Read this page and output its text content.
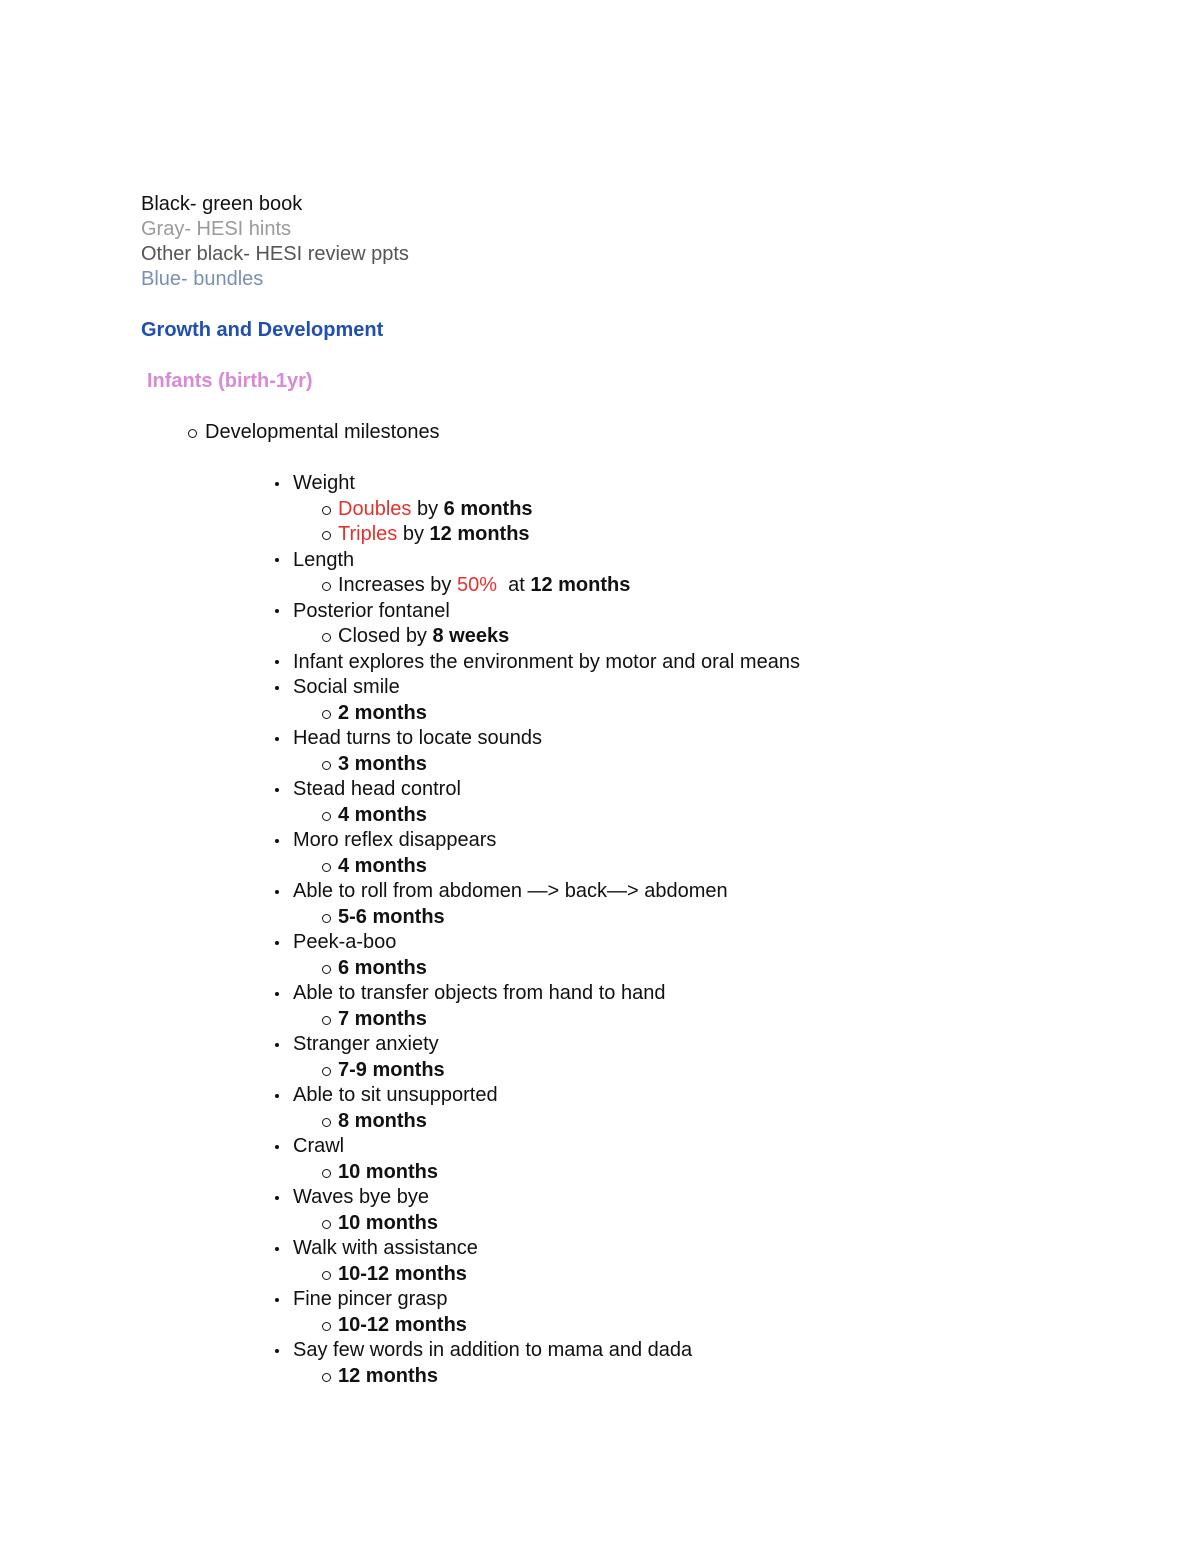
Black- green book
Gray- HESI hints
Other black- HESI review ppts
Blue- bundles
Growth and Development
Infants (birth-1yr)
Developmental milestones
Weight
Doubles by 6 months
Triples by 12 months
Length
Increases by 50%  at 12 months
Posterior fontanel
Closed by 8 weeks
Infant explores the environment by motor and oral means
Social smile
2 months
Head turns to locate sounds
3 months
Stead head control
4 months
Moro reflex disappears
4 months
Able to roll from abdomen —> back—> abdomen
5-6 months
Peek-a-boo
6 months
Able to transfer objects from hand to hand
7 months
Stranger anxiety
7-9 months
Able to sit unsupported
8 months
Crawl
10 months
Waves bye bye
10 months
Walk with assistance
10-12 months
Fine pincer grasp
10-12 months
Say few words in addition to mama and dada
12 months
